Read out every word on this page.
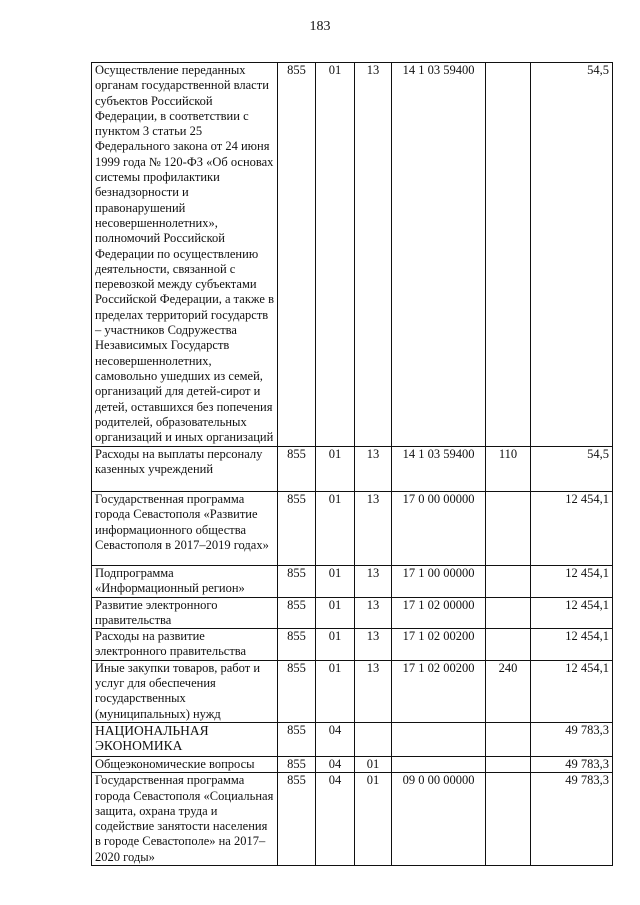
183
Осуществление переданных органам государственной власти субъектов Российской Федерации, в соответствии с пунктом 3 статьи 25 Федерального закона от 24 июня 1999 года № 120-ФЗ «Об основах системы профилактики безнадзорности и правонарушений несовершеннолетних», полномочий Российской Федерации по осуществлению деятельности, связанной с перевозкой между субъектами Российской Федерации, а также в пределах территорий государств – участников Содружества Независимых Государств несовершеннолетних, самовольно ушедших из семей, организаций для детей-сирот и детей, оставшихся без попечения родителей, образовательных организаций и иных организаций	855	01	13	14 1 03 59400		54,5
Расходы на выплаты персоналу казенных учреждений	855	01	13	14 1 03 59400	110	54,5
Государственная программа города Севастополя «Развитие информационного общества Севастополя в 2017–2019 годах»	855	01	13	17 0 00 00000		12 454,1
Подпрограмма «Информационный регион»	855	01	13	17 1 00 00000		12 454,1
Развитие электронного правительства	855	01	13	17 1 02 00000		12 454,1
Расходы на развитие электронного правительства	855	01	13	17 1 02 00200		12 454,1
Иные закупки товаров, работ и услуг для обеспечения государственных (муниципальных) нужд	855	01	13	17 1 02 00200	240	12 454,1
НАЦИОНАЛЬНАЯ ЭКОНОМИКА	855	04				49 783,3
Общеэкономические вопросы	855	04	01			49 783,3
Государственная программа города Севастополя «Социальная защита, охрана труда и содействие занятости населения в городе Севастополе» на 2017–2020 годы»	855	04	01	09 0 00 00000		49 783,3
